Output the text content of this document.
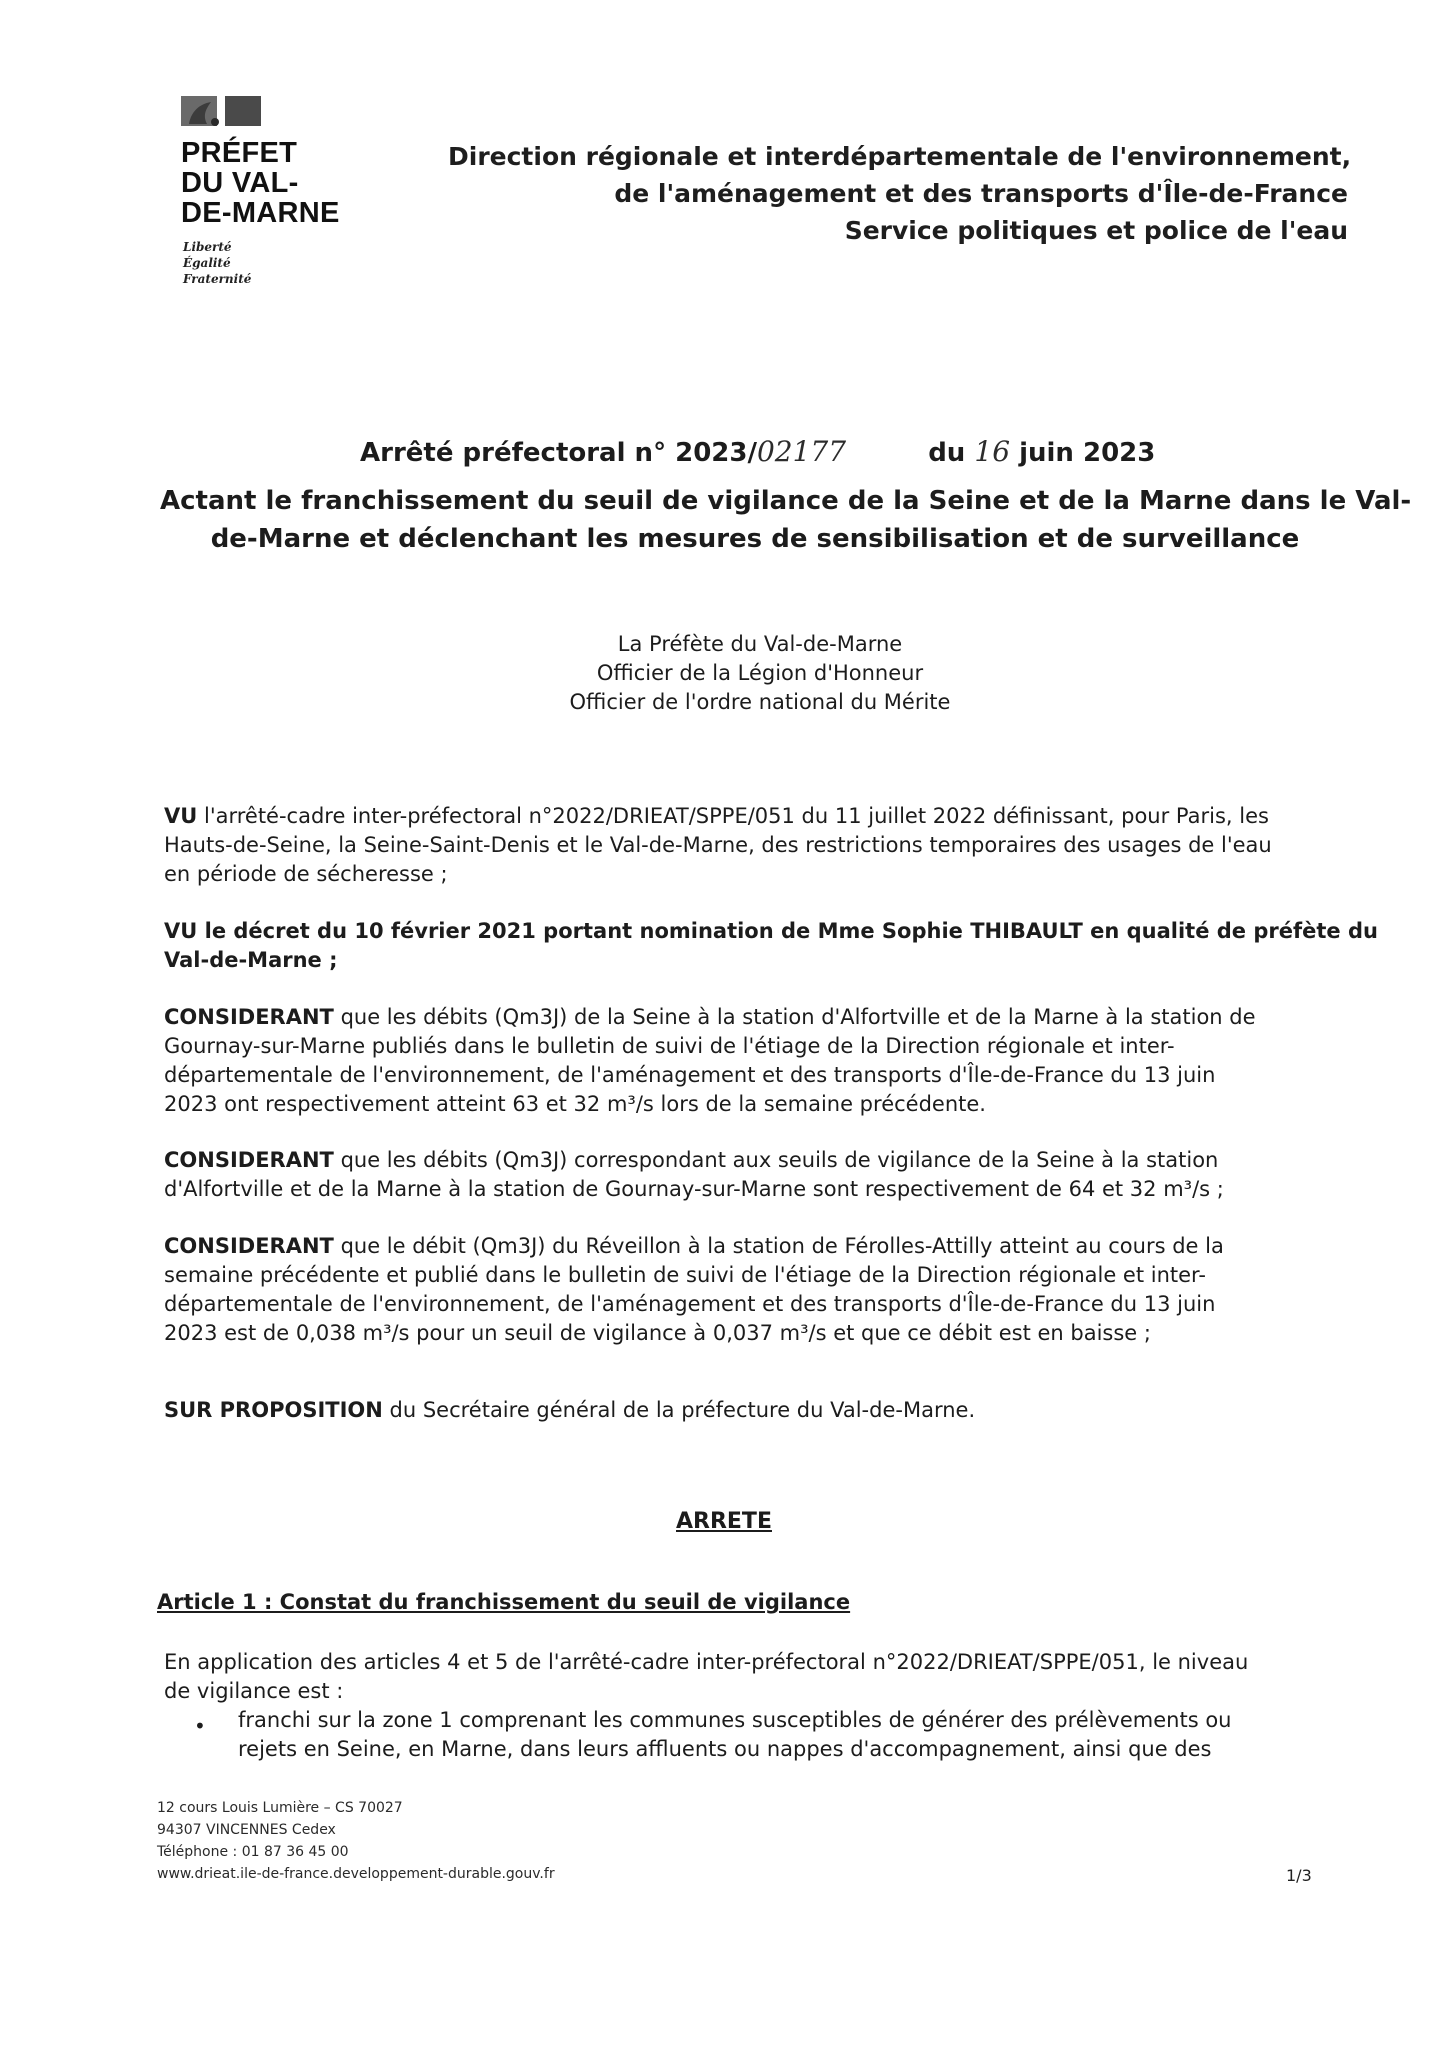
PRÉFET
DU VAL-
DE-MARNE
Liberté
Égalité
Fraternité
Direction régionale et interdépartementale de l'environnement,
de l'aménagement et des transports d'Île-de-France
Service politiques et police de l'eau
Arrêté préfectoral n° 2023/02177	du 16 juin 2023
Actant le franchissement du seuil de vigilance de la Seine et de la Marne dans le Val-
de-Marne et déclenchant les mesures de sensibilisation et de surveillance
La Préfète du Val-de-Marne
Officier de la Légion d'Honneur
Officier de l'ordre national du Mérite
VU l'arrêté-cadre inter-préfectoral n°2022/DRIEAT/SPPE/051 du 11 juillet 2022 définissant, pour Paris, les
Hauts-de-Seine, la Seine-Saint-Denis et le Val-de-Marne, des restrictions temporaires des usages de l'eau
en période de sécheresse ;
VU le décret du 10 février 2021 portant nomination de Mme Sophie THIBAULT en qualité de préfète du
Val-de-Marne ;
CONSIDERANT que les débits (Qm3J) de la Seine à la station d'Alfortville et de la Marne à la station de
Gournay-sur-Marne publiés dans le bulletin de suivi de l'étiage de la Direction régionale et inter-
départementale de l'environnement, de l'aménagement et des transports d'Île-de-France du 13 juin
2023 ont respectivement atteint 63 et 32 m³/s lors de la semaine précédente.
CONSIDERANT que les débits (Qm3J) correspondant aux seuils de vigilance de la Seine à la station
d'Alfortville et de la Marne à la station de Gournay-sur-Marne sont respectivement de 64 et 32 m³/s ;
CONSIDERANT que le débit (Qm3J) du Réveillon à la station de Férolles-Attilly atteint au cours de la
semaine précédente et publié dans le bulletin de suivi de l'étiage de la Direction régionale et inter-
départementale de l'environnement, de l'aménagement et des transports d'Île-de-France du 13 juin
2023 est de 0,038 m³/s pour un seuil de vigilance à 0,037 m³/s et que ce débit est en baisse ;
SUR PROPOSITION du Secrétaire général de la préfecture du Val-de-Marne.
ARRETE
Article 1 : Constat du franchissement du seuil de vigilance
En application des articles 4 et 5 de l'arrêté-cadre inter-préfectoral n°2022/DRIEAT/SPPE/051, le niveau
de vigilance est :
• franchi sur la zone 1 comprenant les communes susceptibles de générer des prélèvements ou
rejets en Seine, en Marne, dans leurs affluents ou nappes d'accompagnement, ainsi que des
12 cours Louis Lumière – CS 70027
94307 VINCENNES Cedex
Téléphone : 01 87 36 45 00
www.drieat.ile-de-france.developpement-durable.gouv.fr	1/3
